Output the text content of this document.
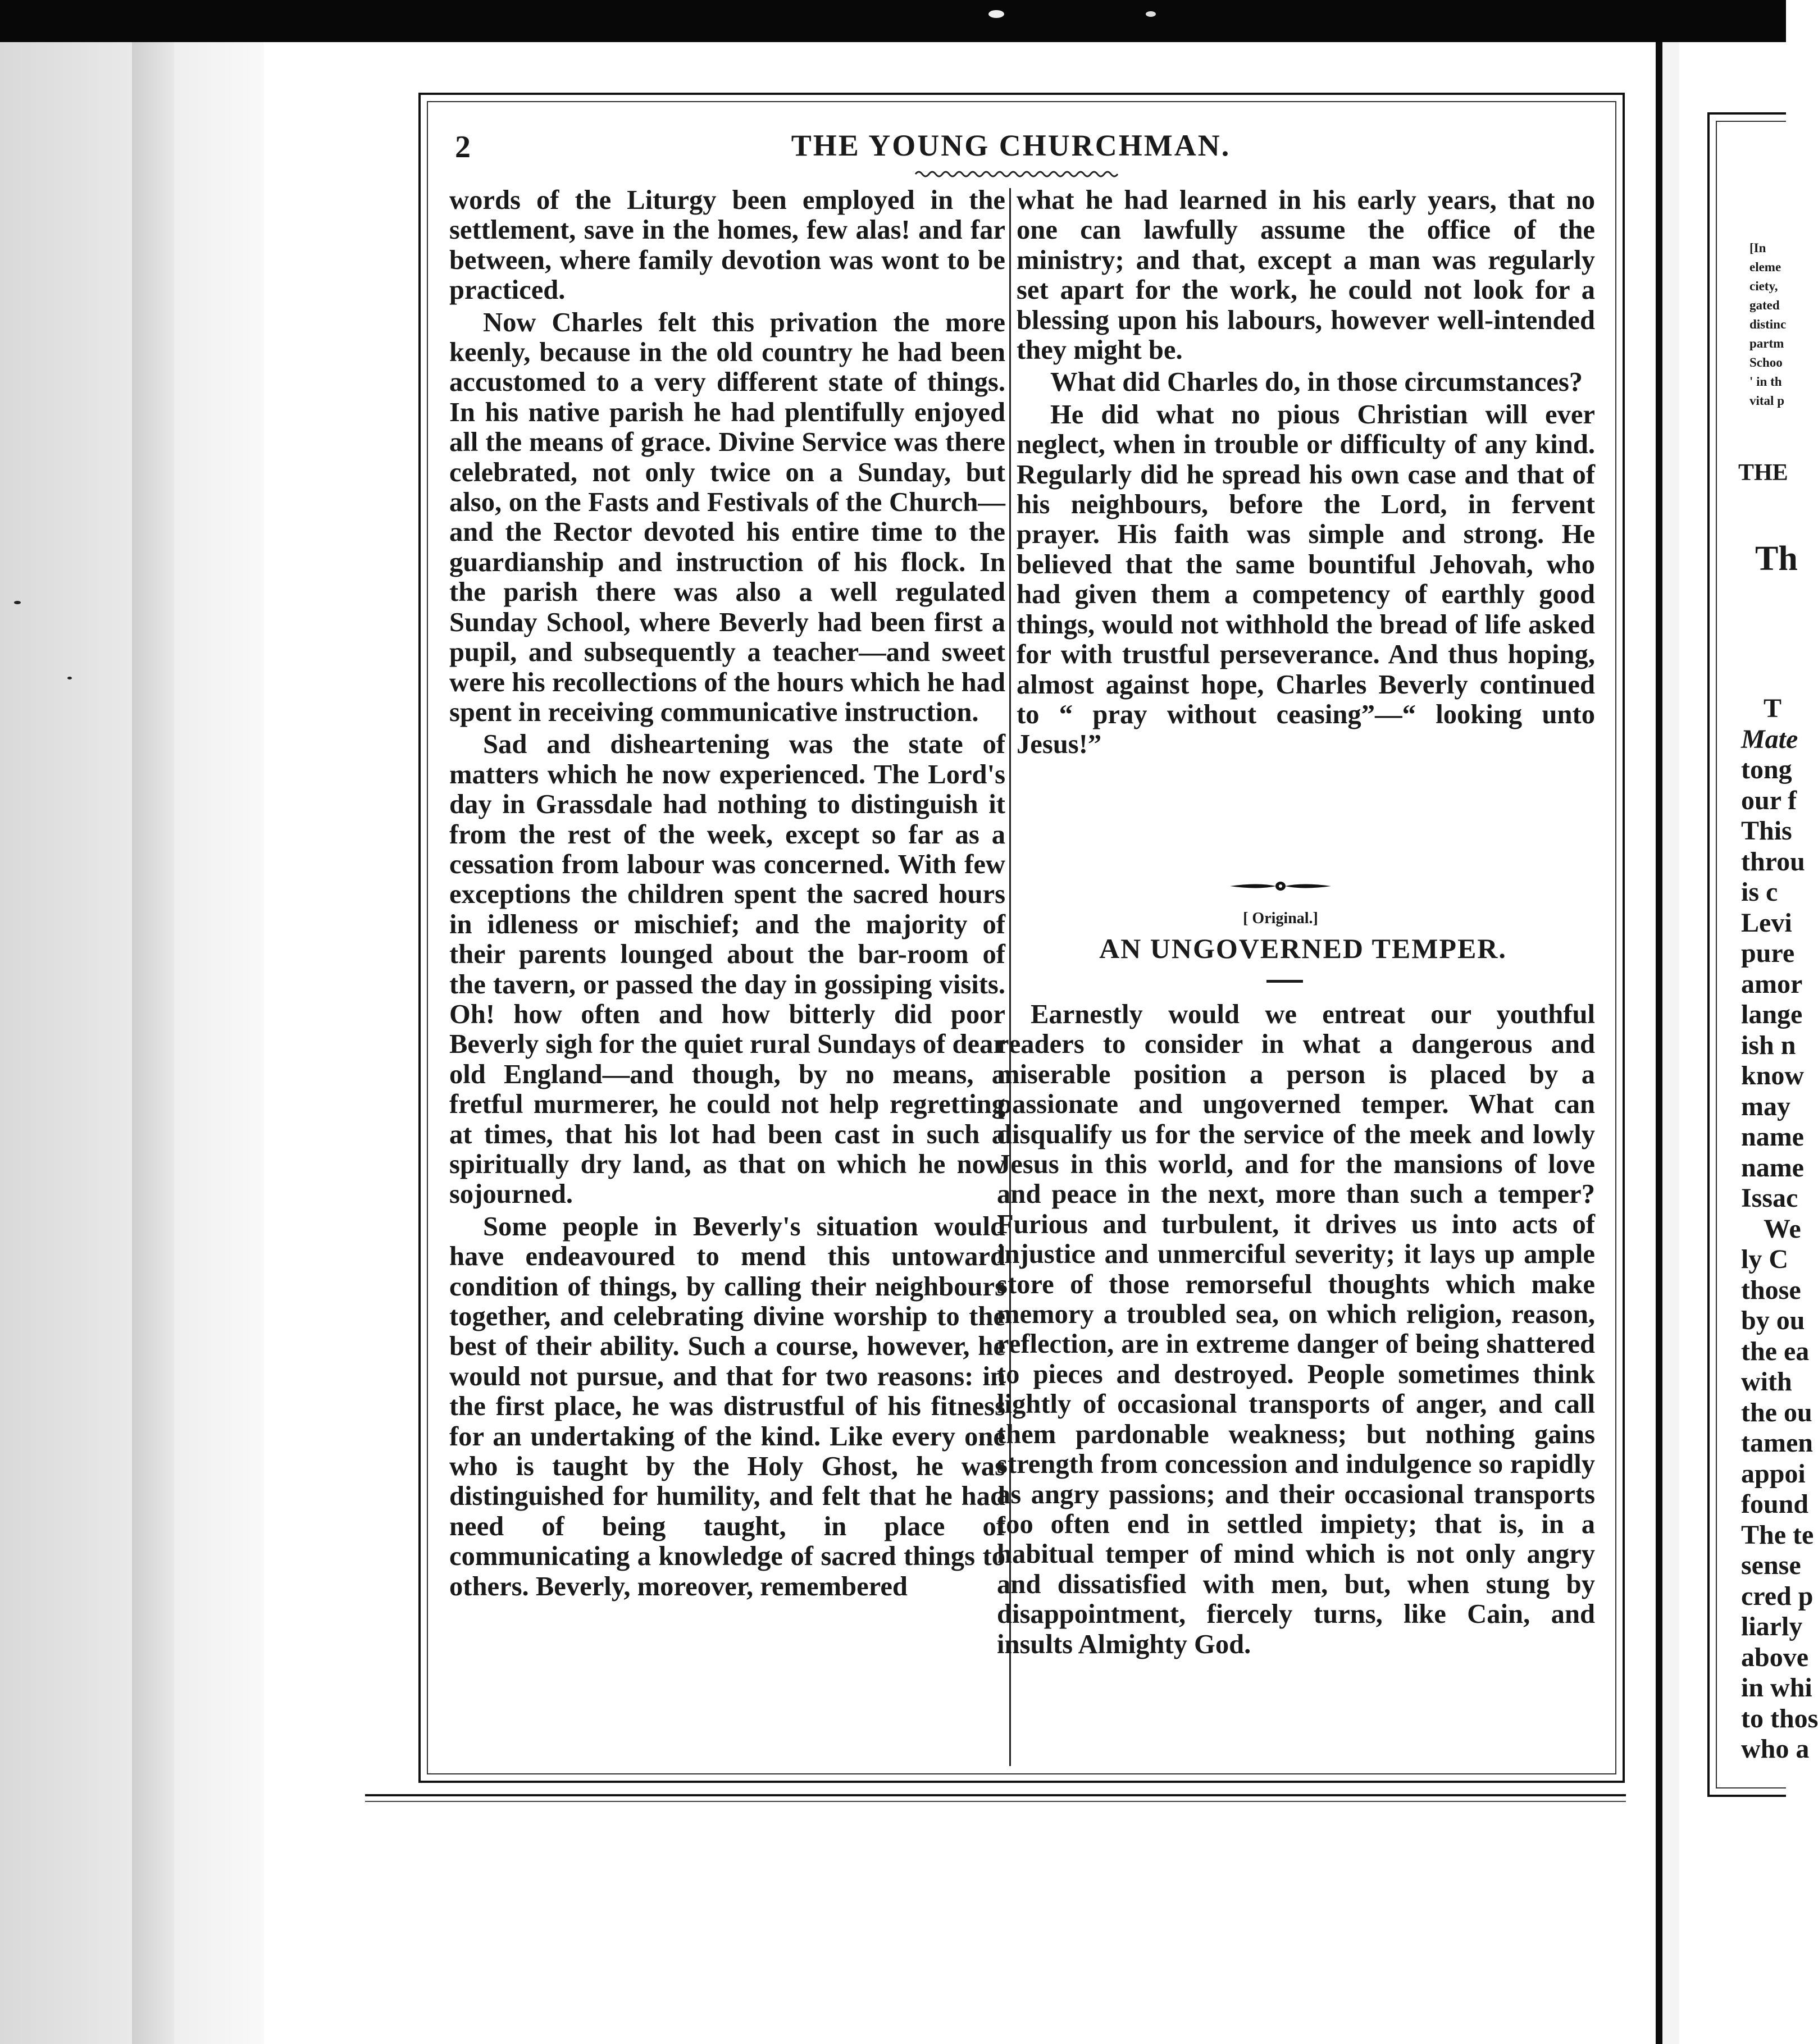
2	THE YOUNG CHURCHMAN.

words of the Liturgy been employed in the settlement, save in the homes, few alas! and far between, where family devotion was wont to be practiced.

Now Charles felt this privation the more keenly, because in the old country he had been accustomed to a very different state of things. In his native parish he had plentifully enjoyed all the means of grace. Divine Service was there celebrated, not only twice on a Sunday, but also, on the Fasts and Festivals of the Church—and the Rector devoted his entire time to the guardianship and instruction of his flock. In the parish there was also a well regulated Sunday School, where Beverly had been first a pupil, and subsequently a teacher—and sweet were his recollections of the hours which he had spent in receiving communicative instruction.

Sad and disheartening was the state of matters which he now experienced. The Lord's day in Grassdale had nothing to distinguish it from the rest of the week, except so far as a cessation from labour was concerned. With few exceptions the children spent the sacred hours in idleness or mischief; and the majority of their parents lounged about the bar-room of the tavern, or passed the day in gossiping visits. Oh! how often and how bitterly did poor Beverly sigh for the quiet rural Sundays of dear old England—and though, by no means, a fretful murmerer, he could not help regretting at times, that his lot had been cast in such a spiritually dry land, as that on which he now sojourned.

Some people in Beverly's situation would have endeavoured to mend this untoward condition of things, by calling their neighbours together, and celebrating divine worship to the best of their ability. Such a course, however, he would not pursue, and that for two reasons: in the first place, he was distrustful of his fitness for an undertaking of the kind. Like every one who is taught by the Holy Ghost, he was distinguished for humility, and felt that he had need of being taught, in place of communicating a knowledge of sacred things to others. Beverly, moreover, remembered

what he had learned in his early years, that no one can lawfully assume the office of the ministry; and that, except a man was regularly set apart for the work, he could not look for a blessing upon his labours, however well-intended they might be.

What did Charles do, in those circumstances?

He did what no pious Christian will ever neglect, when in trouble or difficulty of any kind. Regularly did he spread his own case and that of his neighbours, before the Lord, in fervent prayer. His faith was simple and strong. He believed that the same bountiful Jehovah, who had given them a competency of earthly good things, would not withhold the bread of life asked for with trustful perseverance. And thus hoping, almost against hope, Charles Beverly continued to “ pray without ceasing”—“ looking unto Jesus!”

[ Original.]
AN UNGOVERNED TEMPER.

Earnestly would we entreat our youthful readers to consider in what a dangerous and miserable position a person is placed by a passionate and ungoverned temper. What can disqualify us for the service of the meek and lowly Jesus in this world, and for the mansions of love and peace in the next, more than such a temper? Furious and turbulent, it drives us into acts of injustice and unmerciful severity; it lays up ample store of those remorseful thoughts which make memory a troubled sea, on which religion, reason, reflection, are in extreme danger of being shattered to pieces and destroyed. People sometimes think lightly of occasional transports of anger, and call them pardonable weakness; but nothing gains strength from concession and indulgence so rapidly as angry passions; and their occasional transports too often end in settled impiety; that is, in a habitual temper of mind which is not only angry and dissatisfied with men, but, when stung by disappointment, fiercely turns, like Cain, and insults Almighty God.

[In
eleme
ciety,
gated
distinc
partm
Schoo
' in th
vital p
THE
Th
T
Mate
tong
our f
This
throu
is c
Levi
pure
amor
lange
ish n
know
may
name
name
Issac
We
ly C
those
by ou
the ea
with
the ou
tamen
appoi
found
The te
sense
cred p
liarly
above
in whi
to thos
who a
